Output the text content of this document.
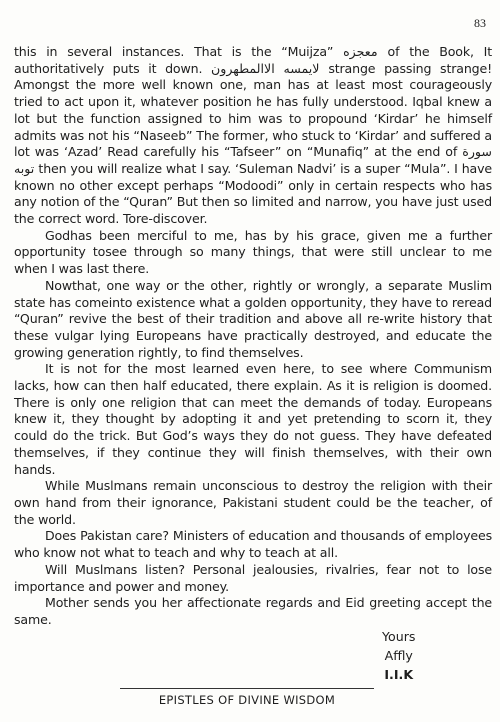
83

this in several instances. That is the “Muijza” معجزه of the Book, It authoritatively puts it down. لايمسه الاالمطهرون strange passing strange! Amongst the more well known one, man has at least most courageously tried to act upon it, whatever position he has fully understood. Iqbal knew a lot but the function assigned to him was to propound ‘Kirdar’ he himself admits was not his “Naseeb” The former, who stuck to ‘Kirdar’ and suffered a lot was ‘Azad’ Read carefully his “Tafseer” on “Munafiq” at the end of سورة توبه then you will realize what I say. ‘Suleman Nadvi’ is a super “Mula”. I have known no other except perhaps “Modoodi” only in certain respects who has any notion of the “Quran” But then so limited and narrow, you have just used the correct word. Tore-discover.

Godhas been merciful to me, has by his grace, given me a further opportunity tosee through so many things, that were still unclear to me when I was last there.

Nowthat, one way or the other, rightly or wrongly, a separate Muslim state has comeinto existence what a golden opportunity, they have to reread “Quran” revive the best of their tradition and above all re-write history that these vulgar lying Europeans have practically destroyed, and educate the growing generation rightly, to find themselves.

It is not for the most learned even here, to see where Communism lacks, how can then half educated, there explain. As it is religion is doomed. There is only one religion that can meet the demands of today. Europeans knew it, they thought by adopting it and yet pretending to scorn it, they could do the trick. But God’s ways they do not guess. They have defeated themselves, if they continue they will finish themselves, with their own hands.

While Muslmans remain unconscious to destroy the religion with their own hand from their ignorance, Pakistani student could be the teacher, of the world.

Does Pakistan care? Ministers of education and thousands of employees who know not what to teach and why to teach at all.

Will Muslmans listen? Personal jealousies, rivalries, fear not to lose importance and power and money.

Mother sends you her affectionate regards and Eid greeting accept the same.

Yours
Affly
I.I.K
EPISTLES OF DIVINE WISDOM
